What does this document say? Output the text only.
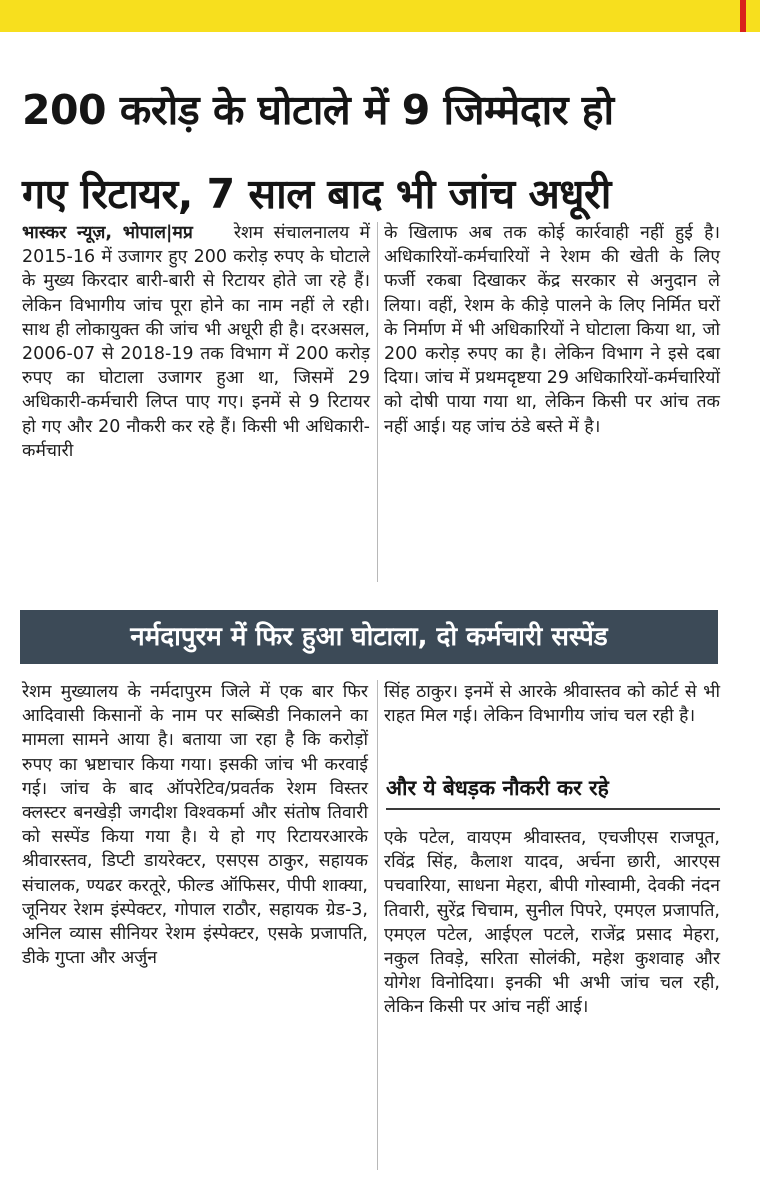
200 करोड़ के घोटाले में 9 जिम्मेदार हो
गए रिटायर, 7 साल बाद भी जांच अधूरी

भास्कर न्यूज़, भोपाल|मप्र रेशम संचालनालय में 2015-16 में उजागर हुए 200 करोड़ रुपए के घोटाले के मुख्य किरदार बारी-बारी से रिटायर होते जा रहे हैं। लेकिन विभागीय जांच पूरा होने का नाम नहीं ले रही। साथ ही लोकायुक्त की जांच भी अधूरी ही है। दरअसल, 2006-07 से 2018-19 तक विभाग में 200 करोड़ रुपए का घोटाला उजागर हुआ था, जिसमें 29 अधिकारी-कर्मचारी लिप्त पाए गए। इनमें से 9 रिटायर हो गए और 20 नौकरी कर रहे हैं। किसी भी अधिकारी-कर्मचारी

के खिलाफ अब तक कोई कार्रवाही नहीं हुई है। अधिकारियों-कर्मचारियों ने रेशम की खेती के लिए फर्जी रकबा दिखाकर केंद्र सरकार से अनुदान ले लिया। वहीं, रेशम के कीड़े पालने के लिए निर्मित घरों के निर्माण में भी अधिकारियों ने घोटाला किया था, जो 200 करोड़ रुपए का है। लेकिन विभाग ने इसे दबा दिया। जांच में प्रथमदृष्टया 29 अधिकारियों-कर्मचारियों को दोषी पाया गया था, लेकिन किसी पर आंच तक नहीं आई। यह जांच ठंडे बस्ते में है।

नर्मदापुरम में फिर हुआ घोटाला, दो कर्मचारी सस्पेंड

रेशम मुख्यालय के नर्मदापुरम जिले में एक बार फिर आदिवासी किसानों के नाम पर सब्सिडी निकालने का मामला सामने आया है। बताया जा रहा है कि करोड़ों रुपए का भ्रष्टाचार किया गया। इसकी जांच भी करवाई गई। जांच के बाद ऑपरेटिव/प्रवर्तक रेशम विस्तर क्लस्टर बनखेड़ी जगदीश विश्वकर्मा और संतोष तिवारी को सस्पेंड किया गया है। ये हो गए रिटायरआरके श्रीवारस्तव, डिप्टी डायरेक्टर, एसएस ठाकुर, सहायक संचालक, ण्यढर करतूरे, फील्ड ऑफिसर, पीपी शाक्या, जूनियर रेशम इंस्पेक्टर, गोपाल राठौर, सहायक ग्रेड-3, अनिल व्यास सीनियर रेशम इंस्पेक्टर, एसके प्रजापति, डीके गुप्ता और अर्जुन

सिंह ठाकुर। इनमें से आरके श्रीवास्तव को कोर्ट से भी राहत मिल गई। लेकिन विभागीय जांच चल रही है।

और ये बेधड़क नौकरी कर रहे

एके पटेल, वायएम श्रीवास्तव, एचजीएस राजपूत, रविंद्र सिंह, कैलाश यादव, अर्चना छारी, आरएस पचवारिया, साधना मेहरा, बीपी गोस्वामी, देवकी नंदन तिवारी, सुरेंद्र चिचाम, सुनील पिपरे, एमएल प्रजापति, एमएल पटेल, आईएल पटले, राजेंद्र प्रसाद मेहरा, नकुल तिवड़े, सरिता सोलंकी, महेश कुशवाह और योगेश विनोदिया। इनकी भी अभी जांच चल रही, लेकिन किसी पर आंच नहीं आई।
